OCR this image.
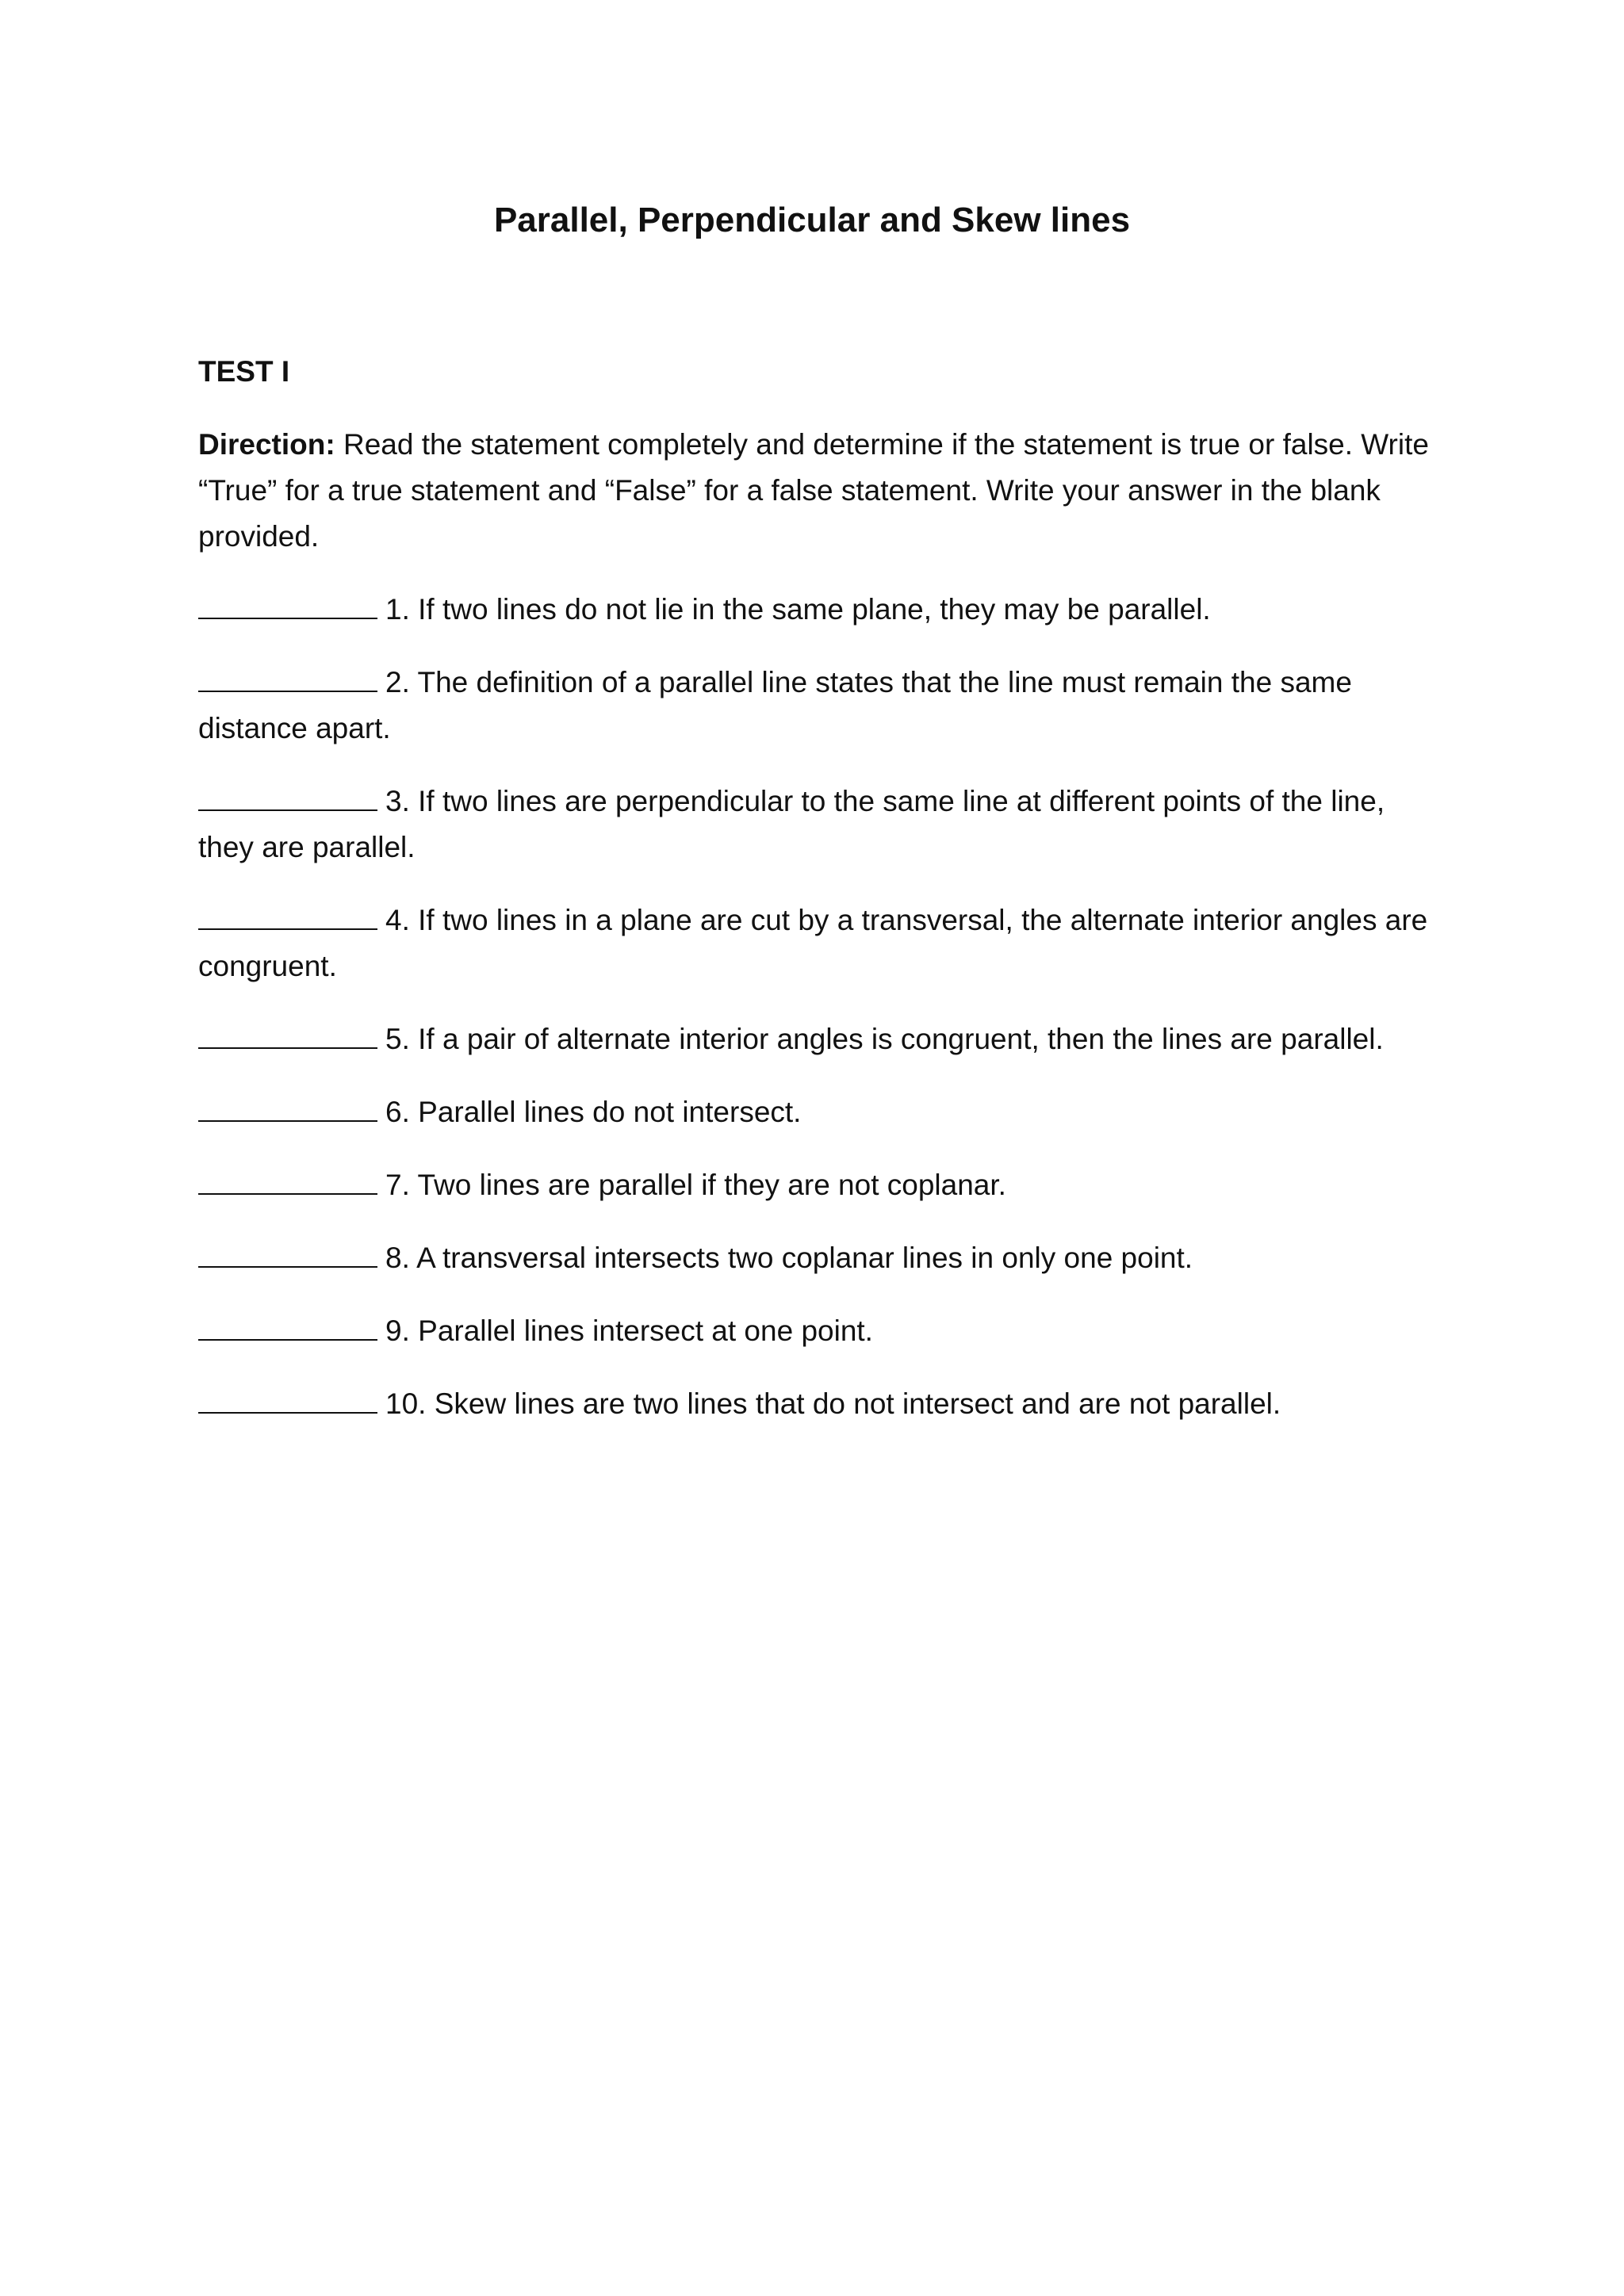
Parallel, Perpendicular and Skew lines
TEST I
Direction: Read the statement completely and determine if the statement is true or false. Write “True” for a true statement and “False” for a false statement. Write your answer in the blank provided.
1. If two lines do not lie in the same plane, they may be parallel.
2. The definition of a parallel line states that the line must remain the same distance apart.
3. If two lines are perpendicular to the same line at different points of the line, they are parallel.
4. If two lines in a plane are cut by a transversal, the alternate interior angles are congruent.
5. If a pair of alternate interior angles is congruent, then the lines are parallel.
6. Parallel lines do not intersect.
7. Two lines are parallel if they are not coplanar.
8. A transversal intersects two coplanar lines in only one point.
9. Parallel lines intersect at one point.
10. Skew lines are two lines that do not intersect and are not parallel.
